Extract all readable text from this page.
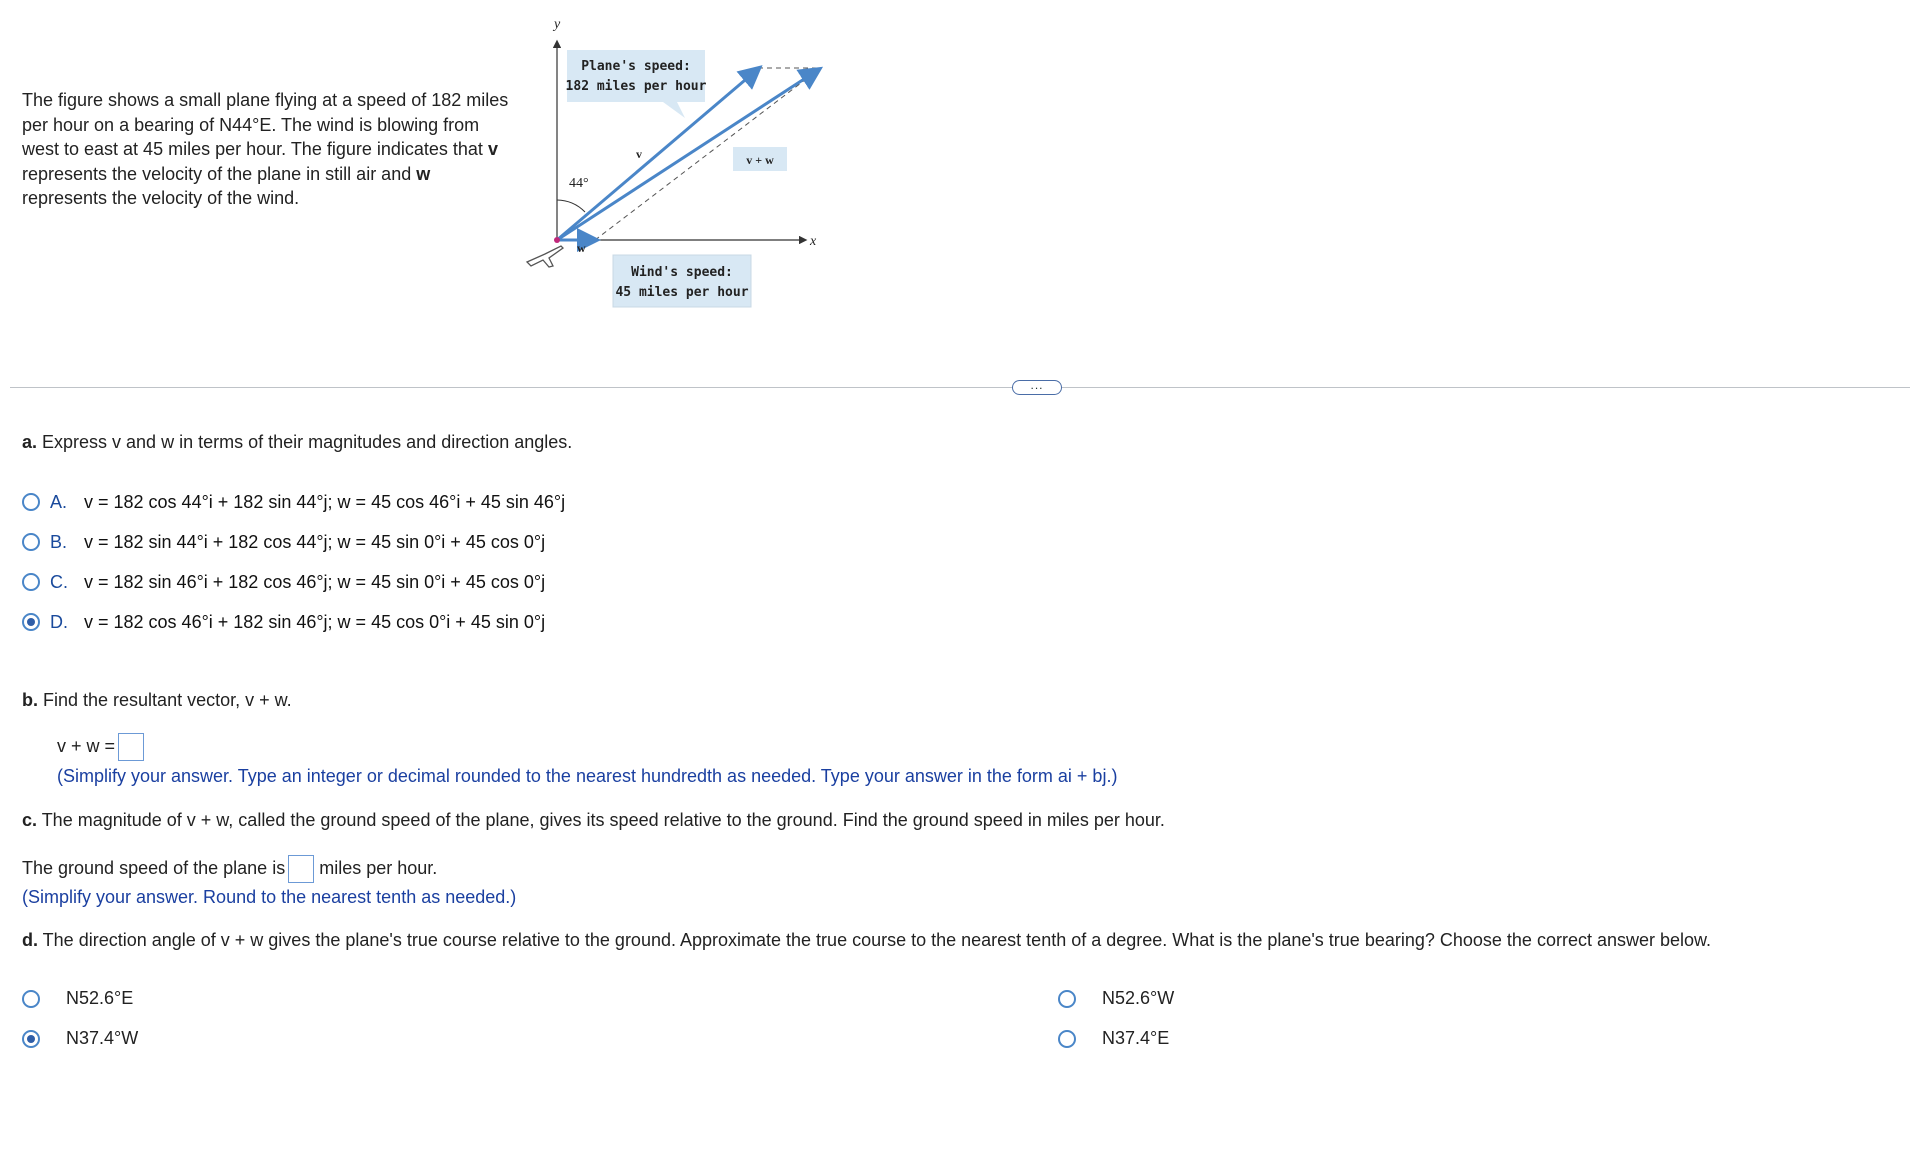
The figure shows a small plane flying at a speed of 182 miles per hour on a bearing of N44°E. The wind is blowing from west to east at 45 miles per hour. The figure indicates that v represents the velocity of the plane in still air and w represents the velocity of the wind.
y
x
44°
v
w
Plane's speed:
182 miles per hour
v + w
Wind's speed:
45 miles per hour
...
a. Express v and w in terms of their magnitudes and direction angles.
A. v = 182 cos 44°i + 182 sin 44°j; w = 45 cos 46°i + 45 sin 46°j
B. v = 182 sin 44°i + 182 cos 44°j; w = 45 sin 0°i + 45 cos 0°j
C. v = 182 sin 46°i + 182 cos 46°j; w = 45 sin 0°i + 45 cos 0°j
D. v = 182 cos 46°i + 182 sin 46°j; w = 45 cos 0°i + 45 sin 0°j
b. Find the resultant vector, v + w.
v + w =
(Simplify your answer. Type an integer or decimal rounded to the nearest hundredth as needed. Type your answer in the form ai + bj.)
c. The magnitude of v + w, called the ground speed of the plane, gives its speed relative to the ground. Find the ground speed in miles per hour.
The ground speed of the plane is miles per hour.
(Simplify your answer. Round to the nearest tenth as needed.)
d. The direction angle of v + w gives the plane's true course relative to the ground. Approximate the true course to the nearest tenth of a degree. What is the plane's true bearing? Choose the correct answer below.
N52.6°E	N52.6°W
N37.4°W	N37.4°E
